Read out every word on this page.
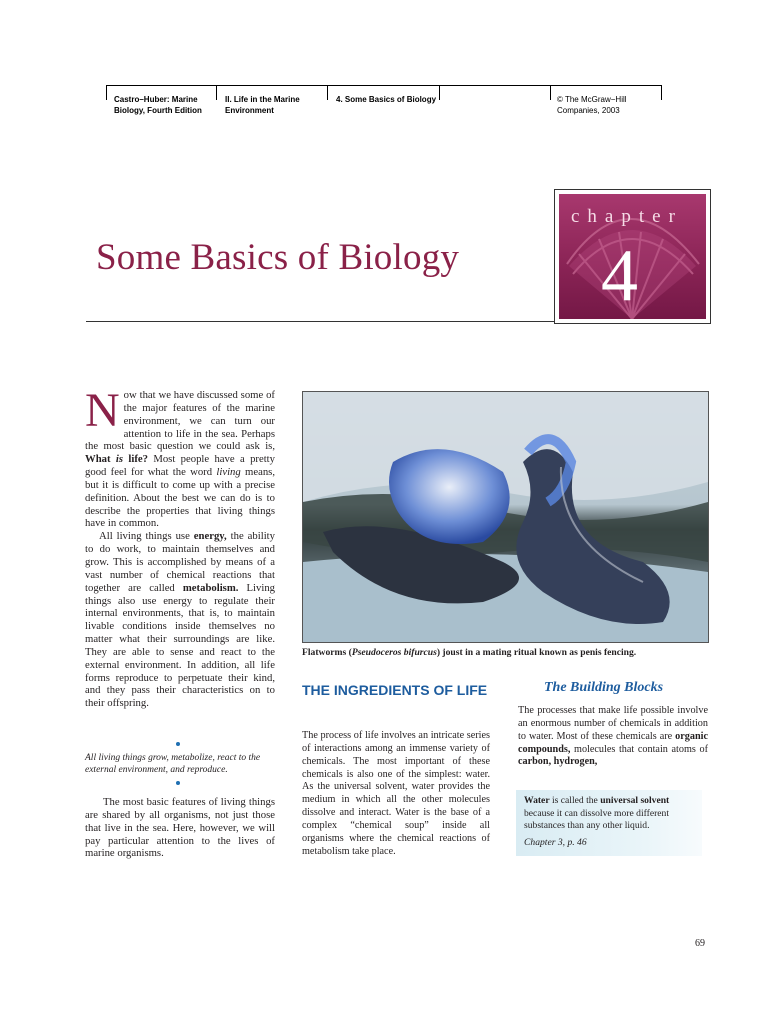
Castro–Huber: Marine
Biology, Fourth Edition
II. Life in the Marine
Environment
4. Some Basics of Biology	© The McGraw−Hill
Companies, 2003
Some Basics of Biology
chapter
4

N ow that we have discussed some of the major features of the marine environment, we can turn our attention to life in the sea. Perhaps the most basic question we could ask is, What is life? Most people have a pretty good feel for what the word living means, but it is difficult to come up with a precise definition. About the best we can do is to describe the properties that living things have in common.

All living things use energy, the ability to do work, to maintain themselves and grow. This is accomplished by means of a vast number of chemical reactions that together are called metabolism. Living things also use energy to regulate their internal environments, that is, to maintain livable conditions inside themselves no matter what their surroundings are like. They are able to sense and react to the external environment. In addition, all life forms reproduce to perpetuate their kind, and they pass their characteristics on to their offspring.

All living things grow, metabolize, react to the external environment, and reproduce.

The most basic features of living things are shared by all organisms, not just those that live in the sea. Here, however, we will pay particular attention to the lives of marine organisms.

Flatworms (Pseudoceros bifurcus) joust in a mating ritual known as penis fencing.
THE INGREDIENTS OF LIFE

The process of life involves an intricate series of interactions among an immense variety of chemicals. The most important of these chemicals is also one of the simplest: water. As the universal solvent, water provides the medium in which all the other molecules dissolve and interact. Water is the base of a complex “chemical soup” inside all organisms where the chemical reactions of metabolism take place.

The Building Blocks

The processes that make life possible involve an enormous number of chemicals in addition to water. Most of these chemicals are organic compounds, molecules that contain atoms of carbon, hydrogen,

Water is called the universal solvent because it can dissolve more different substances than any other liquid.

Chapter 3, p. 46
69
